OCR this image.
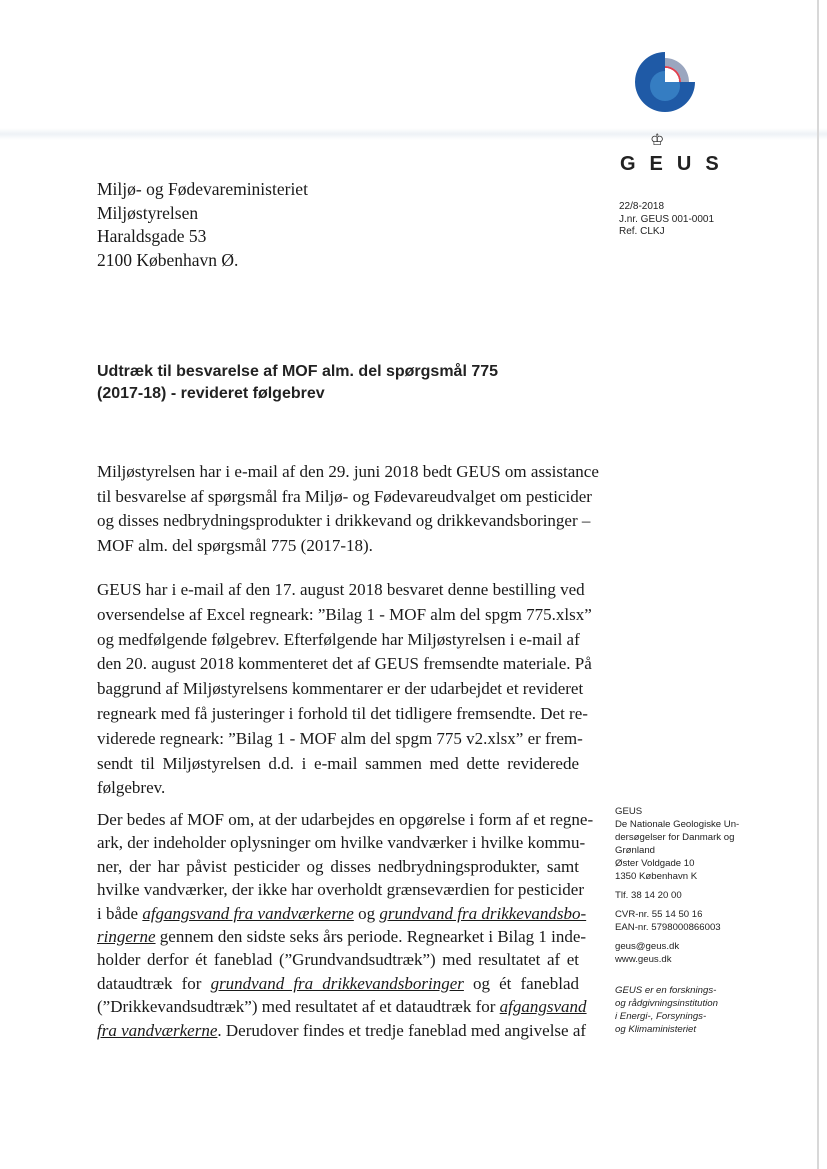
♔
GEUS
22/8-2018
J.nr. GEUS 001-0001
Ref. CLKJ
Miljø- og Fødevareministeriet
Miljøstyrelsen
Haraldsgade 53
2100 København Ø.
Udtræk til besvarelse af MOF alm. del spørgsmål 775
(2017-18) - revideret følgebrev
Miljøstyrelsen har i e-mail af den 29. juni 2018 bedt GEUS om assistance
til besvarelse af spørgsmål fra Miljø- og Fødevareudvalget om pesticider
og disses nedbrydningsprodukter i drikkevand og drikkevandsboringer –
MOF alm. del spørgsmål 775 (2017-18).
GEUS har i e-mail af den 17. august 2018 besvaret denne bestilling ved
oversendelse af Excel regneark: ”Bilag 1 - MOF alm del spgm 775.xlsx”
og medfølgende følgebrev. Efterfølgende har Miljøstyrelsen i e-mail af
den 20. august 2018 kommenteret det af GEUS fremsendte materiale. På
baggrund af Miljøstyrelsens kommentarer er der udarbejdet et revideret
regneark med få justeringer i forhold til det tidligere fremsendte. Det re-
viderede regneark: ”Bilag 1 - MOF alm del spgm 775 v2.xlsx” er frem-
sendt til Miljøstyrelsen d.d. i e-mail sammen med dette reviderede
følgebrev.
Der bedes af MOF om, at der udarbejdes en opgørelse i form af et regne-
ark, der indeholder oplysninger om hvilke vandværker i hvilke kommu-
ner, der har påvist pesticider og disses nedbrydningsprodukter, samt
hvilke vandværker, der ikke har overholdt grænseværdien for pesticider
i både afgangsvand fra vandværkerne og grundvand fra drikkevandsbo-
ringerne gennem den sidste seks års periode. Regnearket i Bilag 1 inde-
holder derfor ét faneblad (”Grundvandsudtræk”) med resultatet af et
dataudtræk for grundvand fra drikkevandsboringer og ét faneblad
(”Drikkevandsudtræk”) med resultatet af et dataudtræk for afgangsvand
fra vandværkerne. Derudover findes et tredje faneblad med angivelse af
GEUS
De Nationale Geologiske Un-
dersøgelser for Danmark og
Grønland
Øster Voldgade 10
1350 København K
Tlf. 38 14 20 00
CVR-nr. 55 14 50 16
EAN-nr. 5798000866003
geus@geus.dk
www.geus.dk
GEUS er en forsknings-
og rådgivningsinstitution
i Energi-, Forsynings-
og Klimaministeriet
